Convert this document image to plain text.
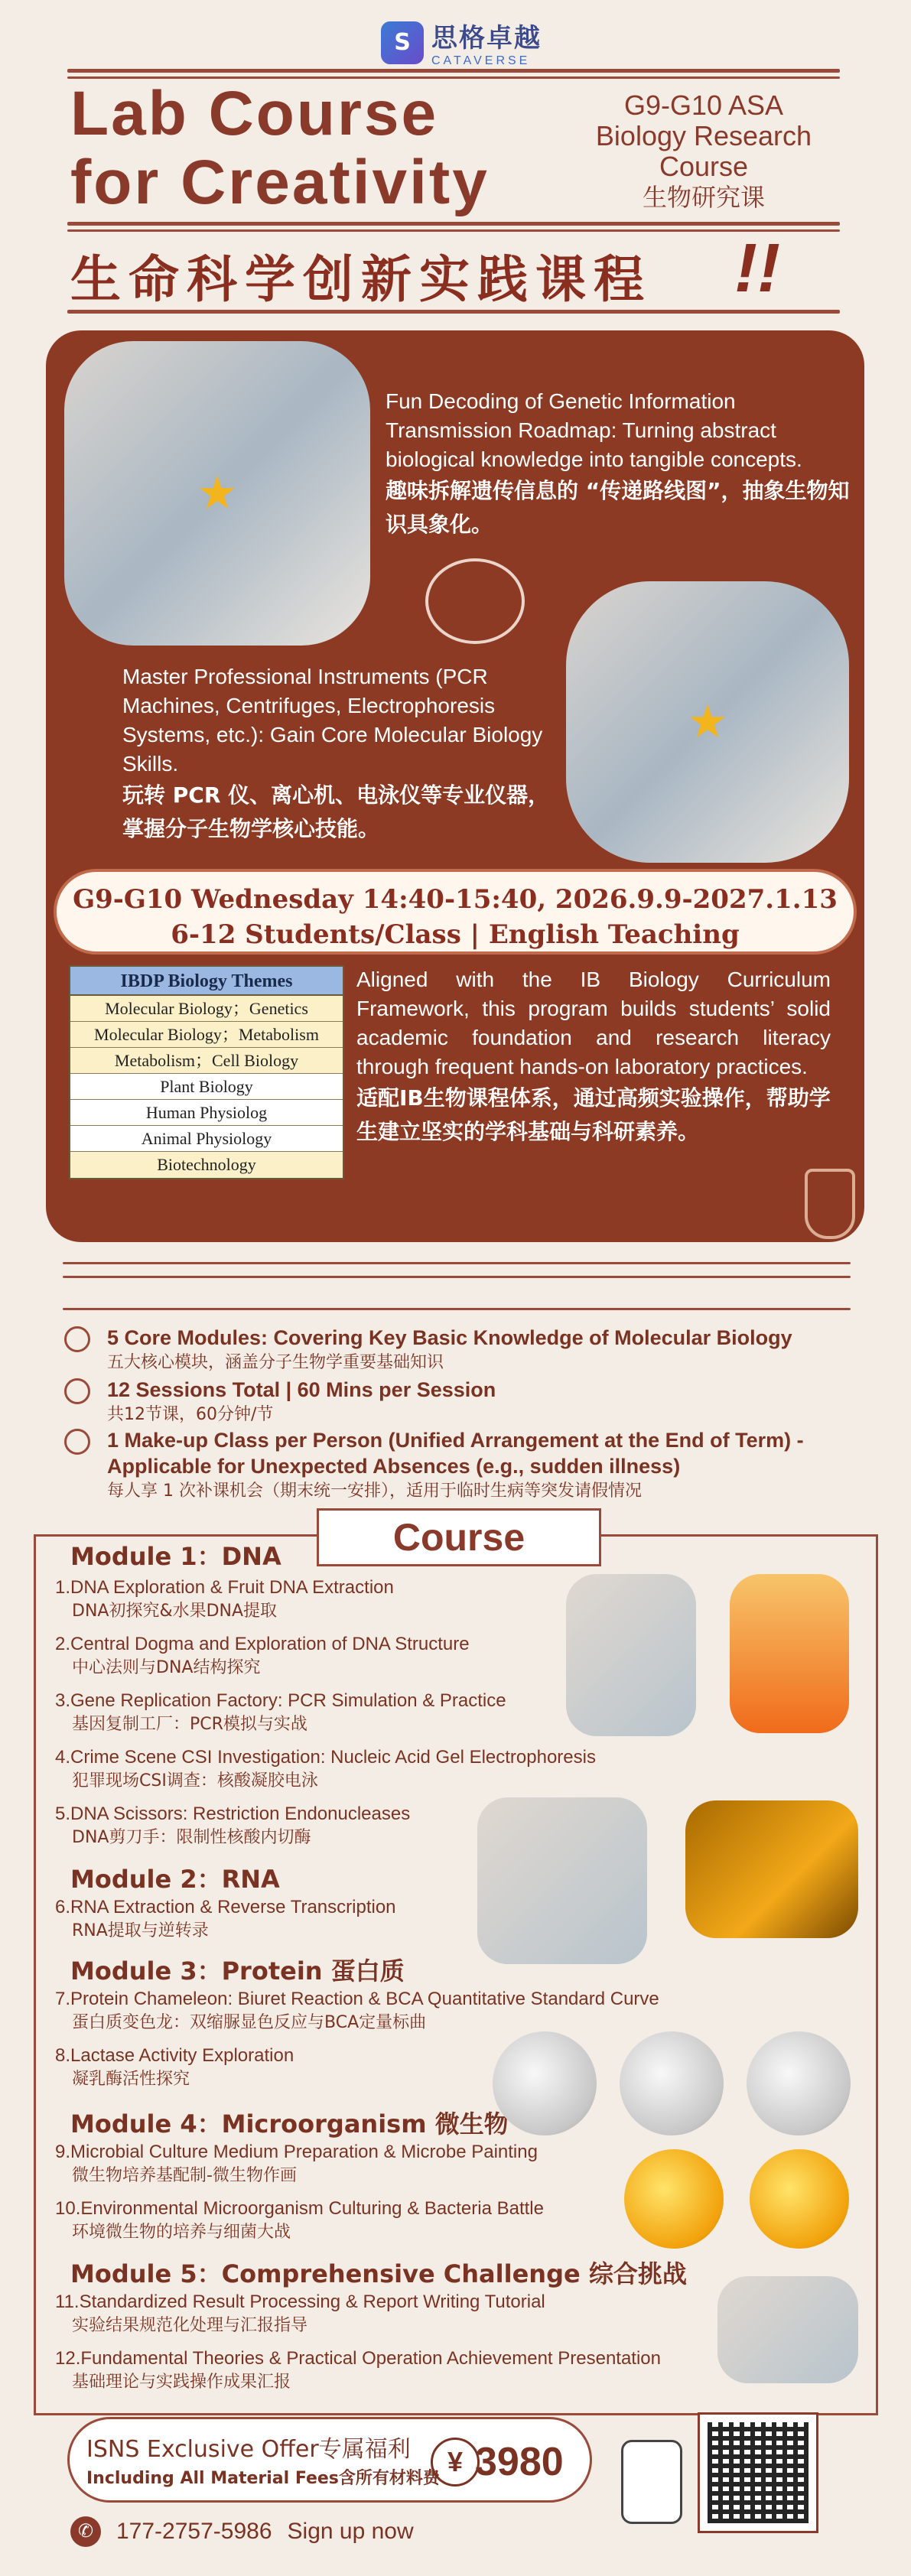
S 思格卓越
CATAVERSE
Lab Course
for Creativity
G9-G10 ASA
Biology Research
Course
生物研究课
生命科学创新实践课程 !!
★
Fun Decoding of Genetic Information Transmission Roadmap: Turning abstract biological knowledge into tangible concepts.
趣味拆解遗传信息的 “传递路线图”，抽象生物知识具象化。
★
Master Professional Instruments (PCR Machines, Centrifuges, Electrophoresis Systems, etc.): Gain Core Molecular Biology Skills.
玩转 PCR 仪、离心机、电泳仪等专业仪器，掌握分子生物学核心技能。
G9-G10 Wednesday 14:40-15:40, 2026.9.9-2027.1.13
6-12 Students/Class | English Teaching
IBDP Biology Themes
Molecular Biology；Genetics
Molecular Biology；Metabolism
Metabolism；Cell Biology
Plant Biology
Human Physiolog
Animal Physiology
Biotechnology
Aligned with the IB Biology Curriculum Framework, this program builds students’ solid academic foundation and research literacy through frequent hands-on laboratory practices.
适配IB生物课程体系，通过高频实验操作，帮助学生建立坚实的学科基础与科研素养。
5 Core Modules: Covering Key Basic Knowledge of Molecular Biology
五大核心模块，涵盖分子生物学重要基础知识
12 Sessions Total | 60 Mins per Session
共12节课，60分钟/节
1 Make-up Class per Person (Unified Arrangement at the End of Term) - Applicable for Unexpected Absences (e.g., sudden illness)
每人享 1 次补课机会（期末统一安排），适用于临时生病等突发请假情况
Course
Module 1：DNA
1.DNA Exploration & Fruit DNA Extraction
DNA初探究&水果DNA提取
2.Central Dogma and Exploration of DNA Structure
中心法则与DNA结构探究
3.Gene Replication Factory: PCR Simulation & Practice
基因复制工厂：PCR模拟与实战
4.Crime Scene CSI Investigation: Nucleic Acid Gel Electrophoresis
犯罪现场CSI调查：核酸凝胶电泳
5.DNA Scissors: Restriction Endonucleases
DNA剪刀手：限制性核酸内切酶
Module 2：RNA
6.RNA Extraction & Reverse Transcription
RNA提取与逆转录
Module 3：Protein 蛋白质
7.Protein Chameleon: Biuret Reaction & BCA Quantitative Standard Curve
蛋白质变色龙：双缩脲显色反应与BCA定量标曲
8.Lactase Activity Exploration
凝乳酶活性探究
Module 4：Microorganism 微生物
9.Microbial Culture Medium Preparation & Microbe Painting
微生物培养基配制-微生物作画
10.Environmental Microorganism Culturing & Bacteria Battle
环境微生物的培养与细菌大战
Module 5：Comprehensive Challenge 综合挑战
11.Standardized Result Processing & Report Writing Tutorial
实验结果规范化处理与汇报指导
12.Fundamental Theories & Practical Operation Achievement Presentation
基础理论与实践操作成果汇报
ISNS Exclusive Offer专属福利
Including All Material Fees含所有材料费
¥ 3980
✆ 177-2757-5986 Sign up now
